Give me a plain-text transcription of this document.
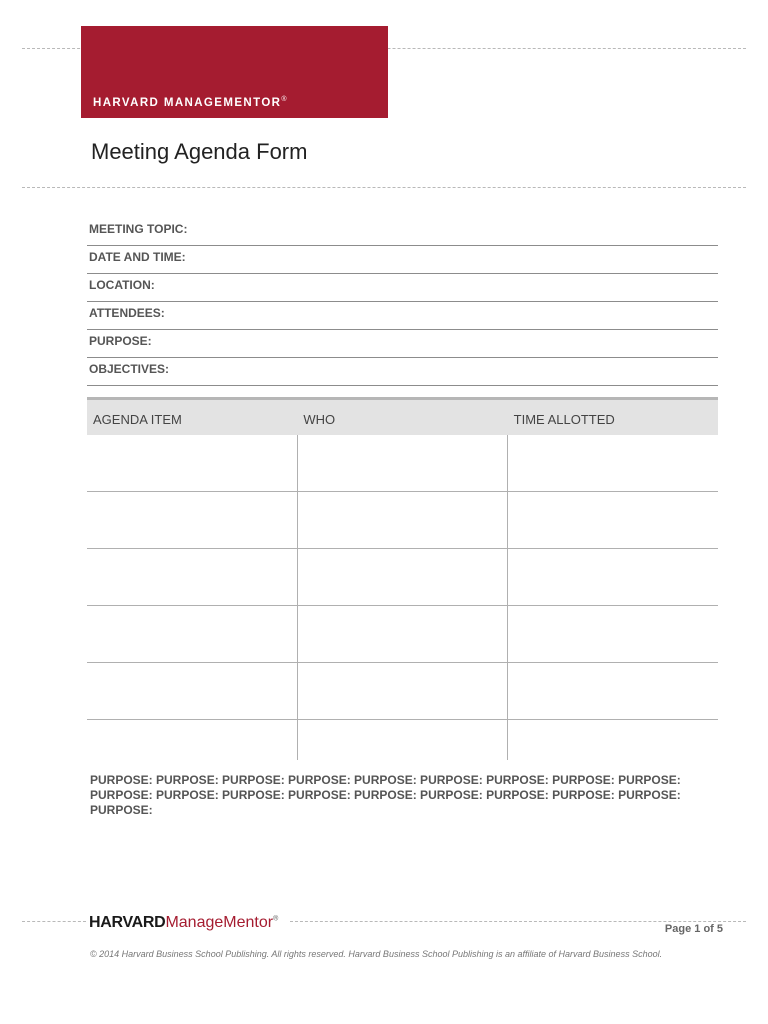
HARVARD MANAGEMENTOR®
Meeting Agenda Form
MEETING TOPIC:
DATE AND TIME:
LOCATION:
ATTENDEES:
PURPOSE:
OBJECTIVES:
AGENDA ITEM	WHO	TIME ALLOTTED

PURPOSE: PURPOSE: PURPOSE: PURPOSE: PURPOSE: PURPOSE: PURPOSE: PURPOSE: PURPOSE: PURPOSE: PURPOSE: PURPOSE: PURPOSE: PURPOSE: PURPOSE: PURPOSE: PURPOSE: PURPOSE: PURPOSE:
HARVARDManageMentor®
Page 1 of 5
© 2014 Harvard Business School Publishing. All rights reserved. Harvard Business School Publishing is an affiliate of Harvard Business School.
